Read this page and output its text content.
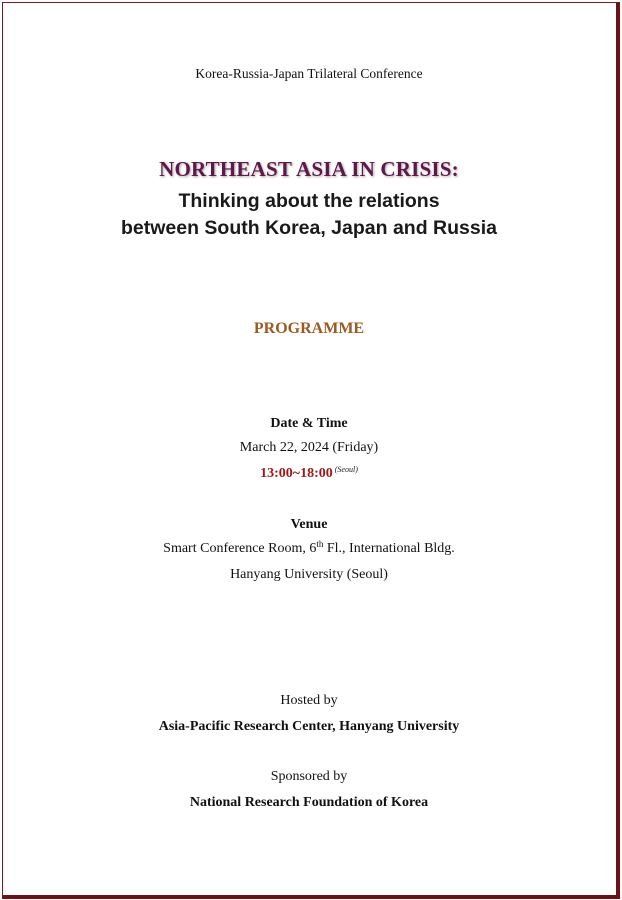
Korea-Russia-Japan Trilateral Conference
NORTHEAST ASIA IN CRISIS:
Thinking about the relations
between South Korea, Japan and Russia
PROGRAMME
Date & Time
March 22, 2024 (Friday)
13:00~18:00 $^{(Seoul)}$
Venue
Smart Conference Room, 6th Fl., International Bldg.
Hanyang University (Seoul)
Hosted by
Asia-Pacific Research Center, Hanyang University
Sponsored by
National Research Foundation of Korea
